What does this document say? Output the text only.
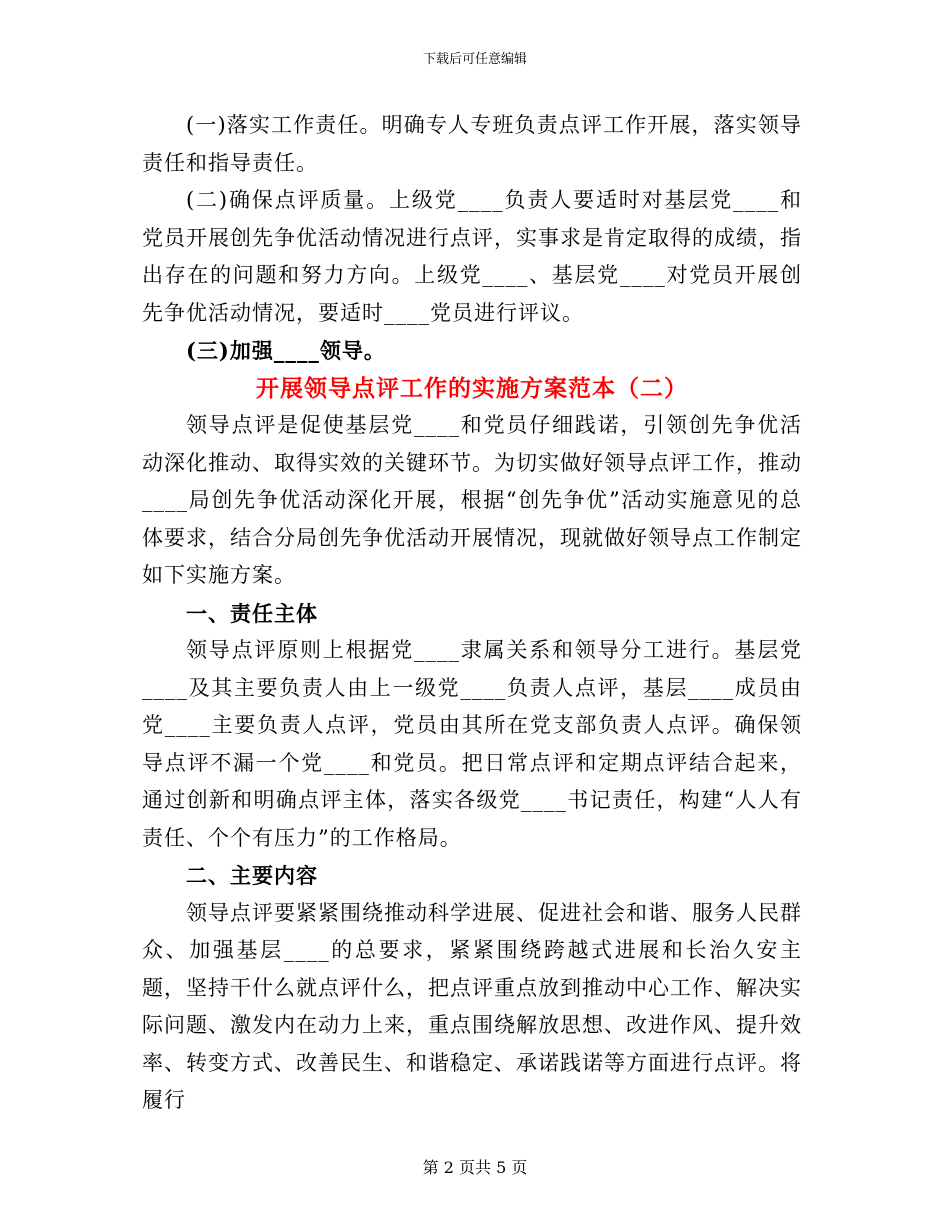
下载后可任意编辑

(一)落实工作责任。明确专人专班负责点评工作开展，落实领导责任和指导责任。

(二)确保点评质量。上级党____负责人要适时对基层党____和党员开展创先争优活动情况进行点评，实事求是肯定取得的成绩，指出存在的问题和努力方向。上级党____、基层党____对党员开展创先争优活动情况，要适时____党员进行评议。

(三)加强____领导。

开展领导点评工作的实施方案范本（二）

领导点评是促使基层党____和党员仔细践诺，引领创先争优活动深化推动、取得实效的关键环节。为切实做好领导点评工作，推动____局创先争优活动深化开展，根据“创先争优”活动实施意见的总体要求，结合分局创先争优活动开展情况，现就做好领导点工作制定如下实施方案。

一、责任主体

领导点评原则上根据党____隶属关系和领导分工进行。基层党____及其主要负责人由上一级党____负责人点评，基层____成员由党____主要负责人点评，党员由其所在党支部负责人点评。确保领导点评不漏一个党____和党员。把日常点评和定期点评结合起来，通过创新和明确点评主体，落实各级党____书记责任，构建“人人有责任、个个有压力”的工作格局。

二、主要内容

领导点评要紧紧围绕推动科学进展、促进社会和谐、服务人民群众、加强基层____的总要求，紧紧围绕跨越式进展和长治久安主题，坚持干什么就点评什么，把点评重点放到推动中心工作、解决实际问题、激发内在动力上来，重点围绕解放思想、改进作风、提升效率、转变方式、改善民生、和谐稳定、承诺践诺等方面进行点评。将履行

第 2 页共 5 页
